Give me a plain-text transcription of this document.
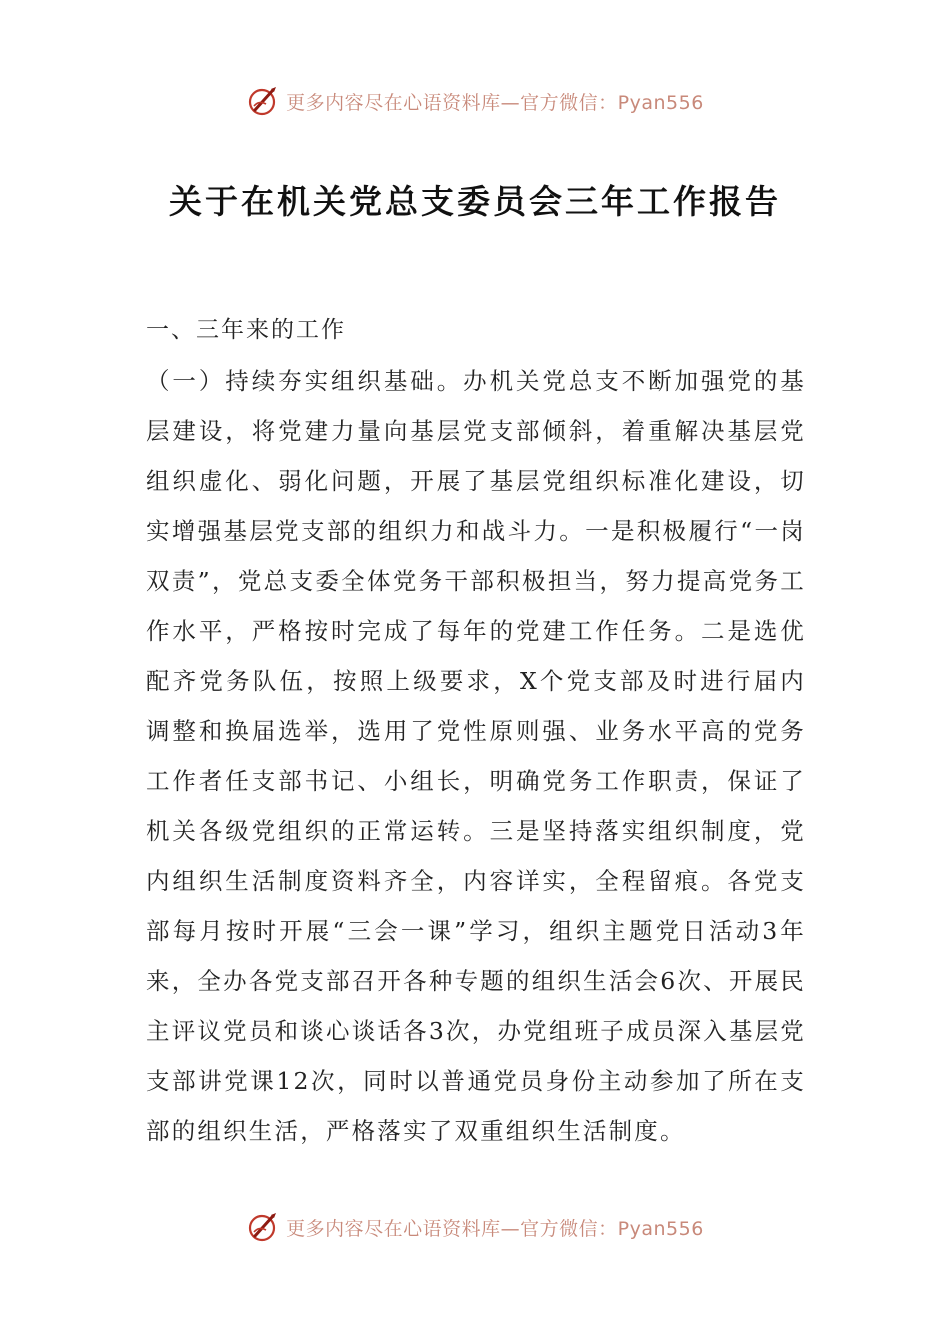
更多内容尽在心语资料库—官方微信：Pyan556
关于在机关党总支委员会三年工作报告

一、三年来的工作

（一）持续夯实组织基础。办机关党总支不断加强党的基层建设，将党建力量向基层党支部倾斜，着重解决基层党组织虚化、弱化问题，开展了基层党组织标准化建设，切实增强基层党支部的组织力和战斗力。一是积极履行“一岗双责”，党总支委全体党务干部积极担当，努力提高党务工作水平，严格按时完成了每年的党建工作任务。二是选优配齐党务队伍，按照上级要求，X个党支部及时进行届内调整和换届选举，选用了党性原则强、业务水平高的党务工作者任支部书记、小组长，明确党务工作职责，保证了机关各级党组织的正常运转。三是坚持落实组织制度，党内组织生活制度资料齐全，内容详实，全程留痕。各党支部每月按时开展“三会一课”学习，组织主题党日活动3年来，全办各党支部召开各种专题的组织生活会6次、开展民主评议党员和谈心谈话各3次，办党组班子成员深入基层党支部讲党课12次，同时以普通党员身份主动参加了所在支部的组织生活，严格落实了双重组织生活制度。

更多内容尽在心语资料库—官方微信：Pyan556
